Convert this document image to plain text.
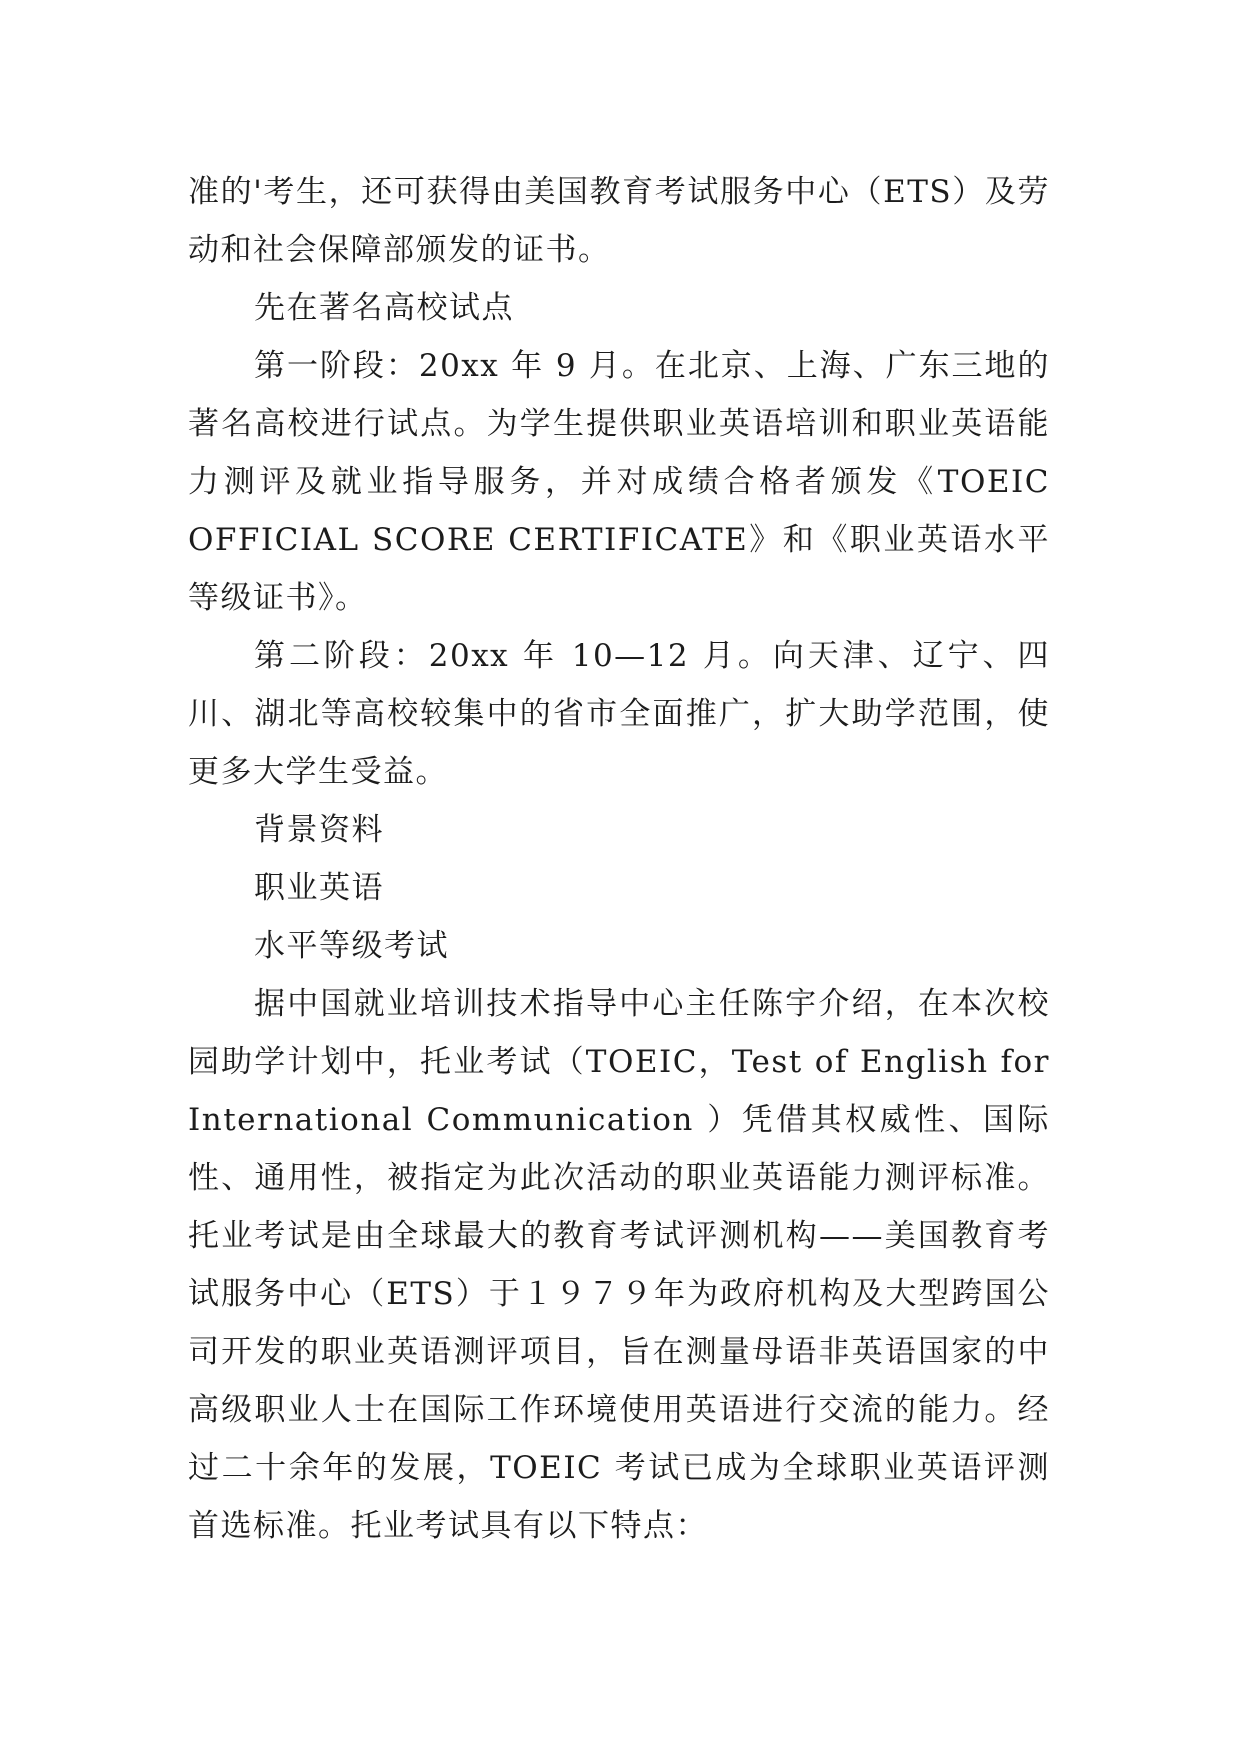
准的'考生，还可获得由美国教育考试服务中心（ETS）及劳动和社会保障部颁发的证书。

先在著名高校试点

第一阶段：20xx 年 9 月。在北京、上海、广东三地的著名高校进行试点。为学生提供职业英语培训和职业英语能力测评及就业指导服务，并对成绩合格者颁发《TOEIC OFFICIAL SCORE CERTIFICATE》和《职业英语水平等级证书》。

第二阶段：20xx 年 10—12 月。向天津、辽宁、四川、湖北等高校较集中的省市全面推广，扩大助学范围，使更多大学生受益。

背景资料

职业英语

水平等级考试

据中国就业培训技术指导中心主任陈宇介绍，在本次校园助学计划中，托业考试（TOEIC，Test of English for International Communication ）凭借其权威性、国际性、通用性，被指定为此次活动的职业英语能力测评标准。托业考试是由全球最大的教育考试评测机构——美国教育考试服务中心（ETS）于１９７９年为政府机构及大型跨国公司开发的职业英语测评项目，旨在测量母语非英语国家的中高级职业人士在国际工作环境使用英语进行交流的能力。经过二十余年的发展，TOEIC 考试已成为全球职业英语评测首选标准。托业考试具有以下特点：
